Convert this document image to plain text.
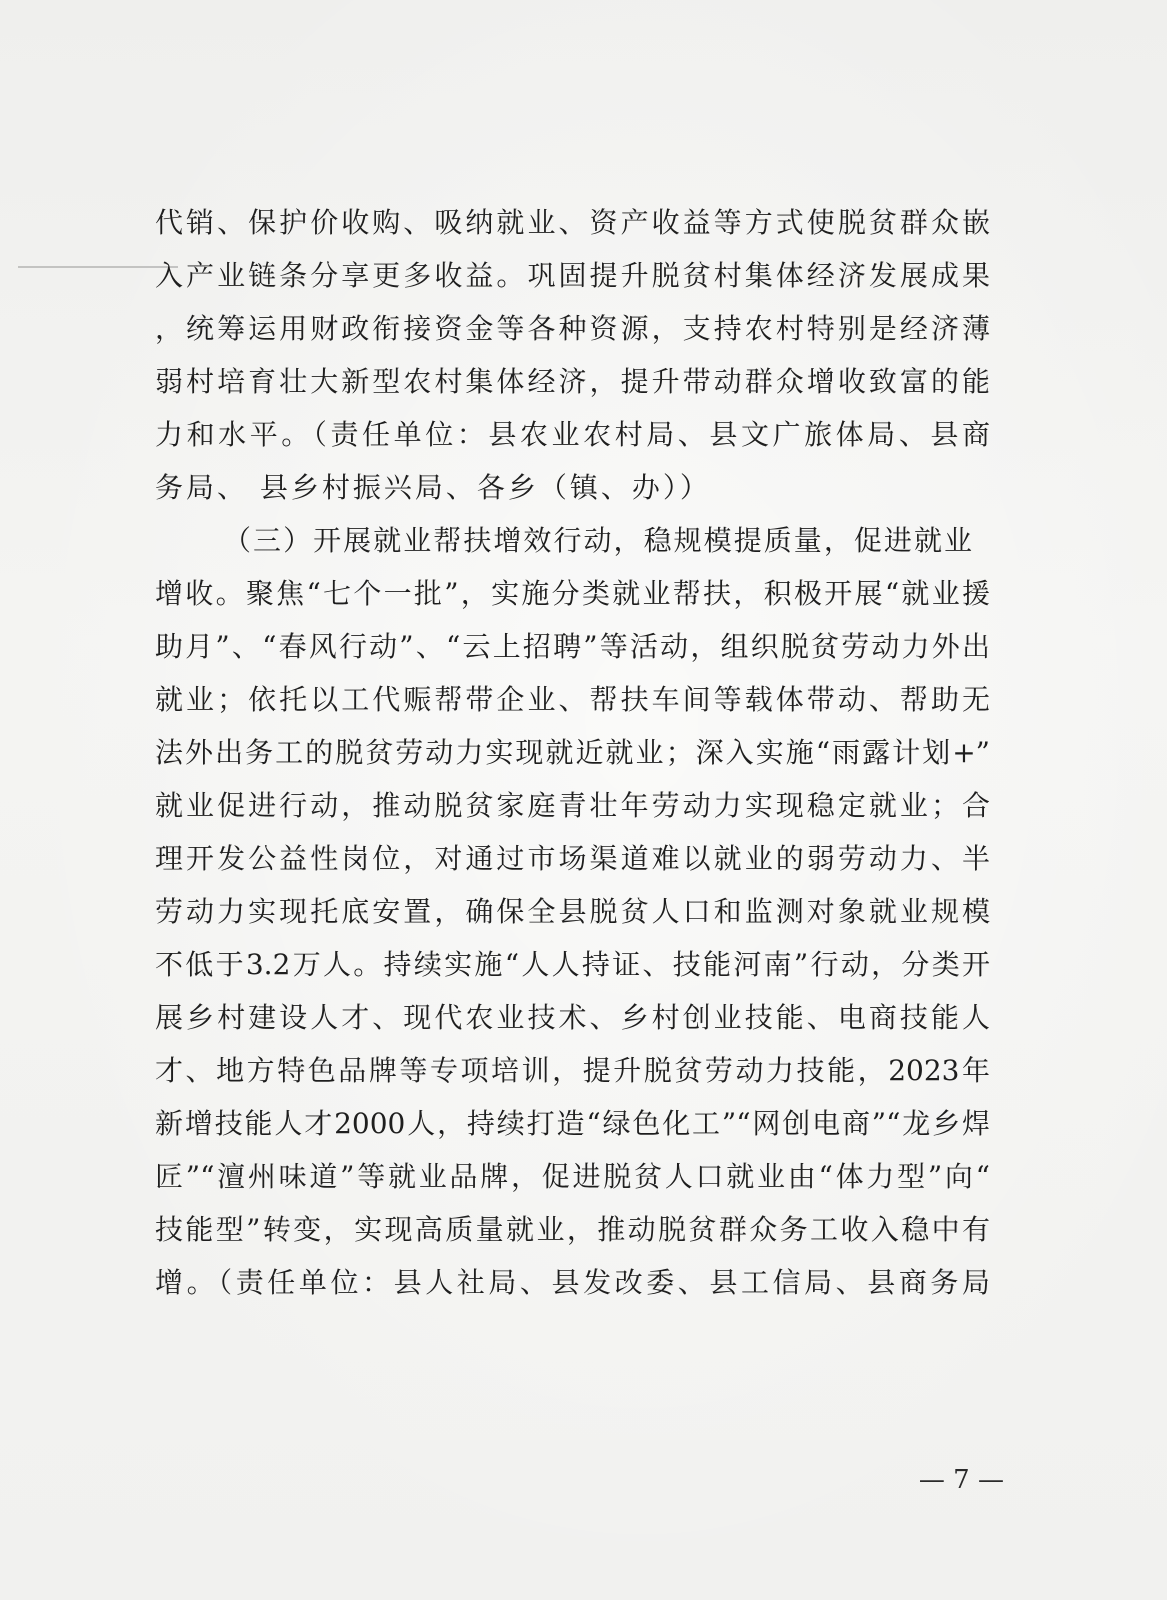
代销、保护价收购、吸纳就业、资产收益等方式使脱贫群众嵌
入产业链条分享更多收益。巩固提升脱贫村集体经济发展成果
，统筹运用财政衔接资金等各种资源，支持农村特别是经济薄
弱村培育壮大新型农村集体经济，提升带动群众增收致富的能
力和水平。（责任单位：县农业农村局、县文广旅体局、县商
务局、 县乡村振兴局、各乡（镇、办））
（三）开展就业帮扶增效行动，稳规模提质量，促进就业
增收。聚焦“七个一批”，实施分类就业帮扶，积极开展“就业援
助月”、“春风行动”、“云上招聘”等活动，组织脱贫劳动力外出
就业；依托以工代赈帮带企业、帮扶车间等载体带动、帮助无
法外出务工的脱贫劳动力实现就近就业；深入实施“雨露计划+”
就业促进行动，推动脱贫家庭青壮年劳动力实现稳定就业；合
理开发公益性岗位，对通过市场渠道难以就业的弱劳动力、半
劳动力实现托底安置，确保全县脱贫人口和监测对象就业规模
不低于3.2万人。持续实施“人人持证、技能河南”行动，分类开
展乡村建设人才、现代农业技术、乡村创业技能、电商技能人
才、地方特色品牌等专项培训，提升脱贫劳动力技能，2023年
新增技能人才2000人，持续打造“绿色化工”“网创电商”“龙乡焊
匠”“澶州味道”等就业品牌，促进脱贫人口就业由“体力型”向“
技能型”转变，实现高质量就业，推动脱贫群众务工收入稳中有
增。（责任单位：县人社局、县发改委、县工信局、县商务局
— 7 —
